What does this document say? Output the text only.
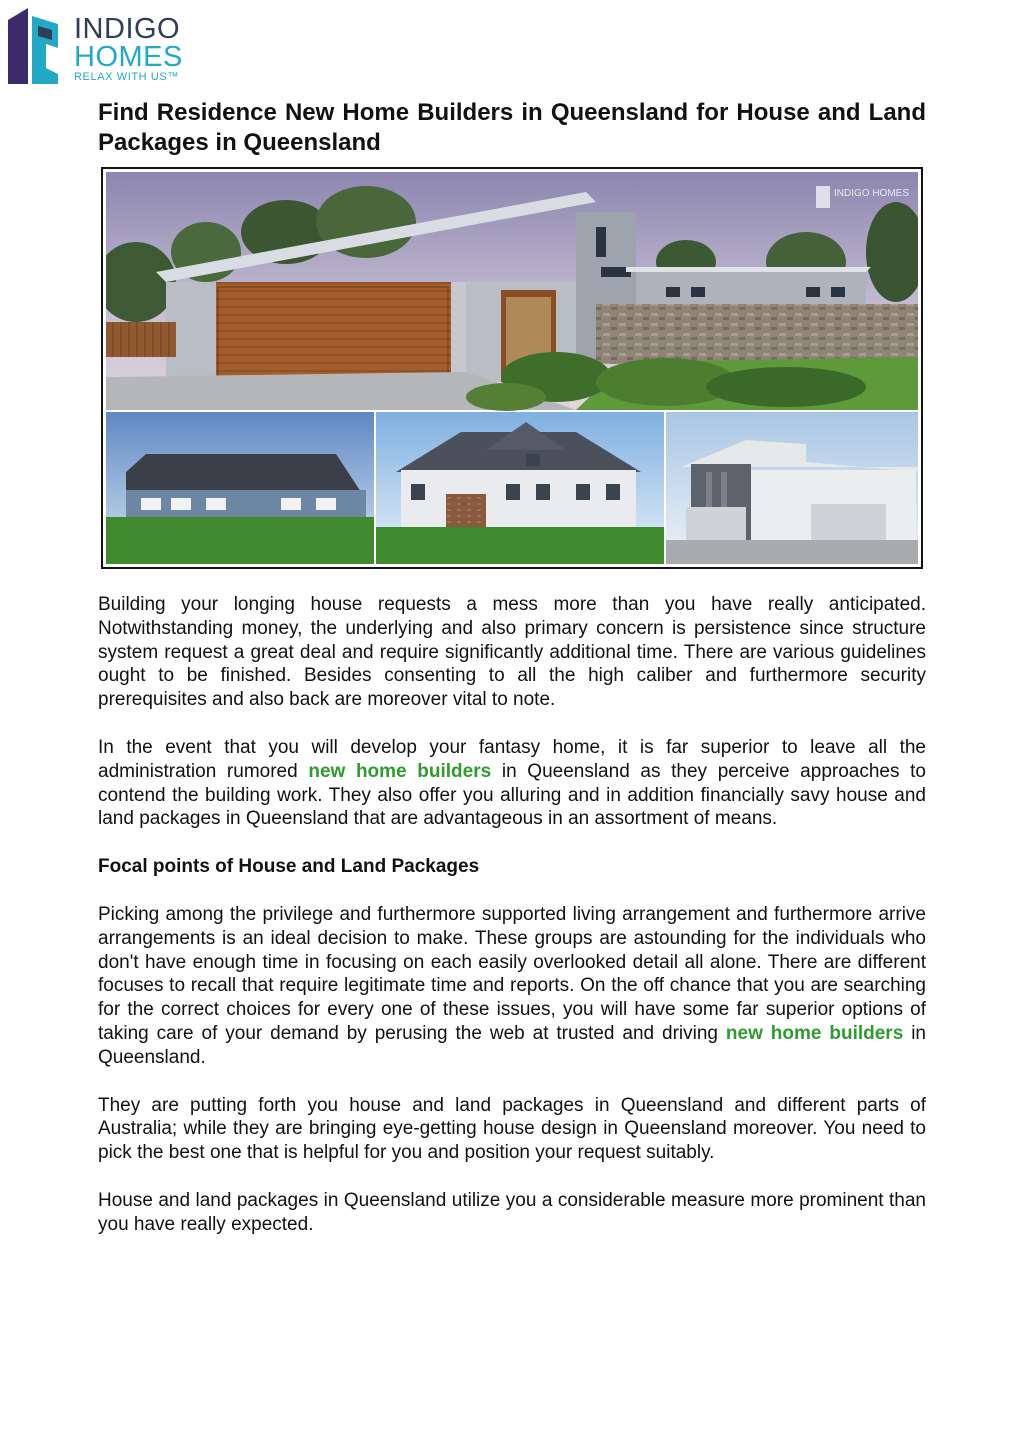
INDIGO
HOMES
RELAX WITH US™
Find Residence New Home Builders in Queensland for House and Land Packages in Queensland
INDIGO HOMES

Building your longing house requests a mess more than you have really anticipated. Notwithstanding money, the underlying and also primary concern is persistence since structure system request a great deal and require significantly additional time. There are various guidelines ought to be finished. Besides consenting to all the high caliber and furthermore security prerequisites and also back are moreover vital to note.

In the event that you will develop your fantasy home, it is far superior to leave all the administration rumored new home builders in Queensland as they perceive approaches to contend the building work. They also offer you alluring and in addition financially savy house and land packages in Queensland that are advantageous in an assortment of means.

Focal points of House and Land Packages

Picking among the privilege and furthermore supported living arrangement and furthermore arrive arrangements is an ideal decision to make. These groups are astounding for the individuals who don't have enough time in focusing on each easily overlooked detail all alone. There are different focuses to recall that require legitimate time and reports. On the off chance that you are searching for the correct choices for every one of these issues, you will have some far superior options of taking care of your demand by perusing the web at trusted and driving new home builders in Queensland.

They are putting forth you house and land packages in Queensland and different parts of Australia; while they are bringing eye-getting house design in Queensland moreover. You need to pick the best one that is helpful for you and position your request suitably.

House and land packages in Queensland utilize you a considerable measure more prominent than you have really expected.
